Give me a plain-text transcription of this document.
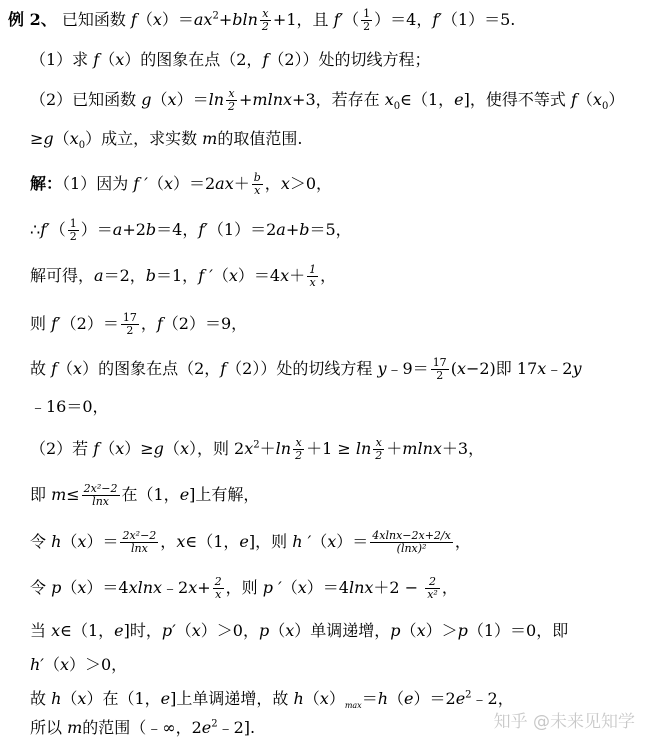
例 2、 已知函数 $f(x)=ax^2+bln \frac{x}{2} +1$，且 $f'( \frac{1}{2} )=4$，f′（1）＝5.
（1）求 f（x）的图象在点（2，f（2））处的切线方程；
（2）已知函数 $g(x)=\ln \frac{x}{2} +mlnx+3$，若存在 $x_0\in(1$，e]，使得不等式 $f(x_0)$
$\ge g(x_0)$成立，求实数 m的取值范围.
解：（1）因为 f $'(x)=2ax+ \frac{b}{x}$ ，x＞0，
∴f′（ $\frac{1}{2} )=a+2b=4$，f′（1）＝2a+b＝5，
解可得，a＝2，b＝1，f $'(x)=4x+ \frac{1}{x}$ ，
则 $f'(2)= \frac{17}{2}$ ，f（2）＝9，
故 f（x）的图象在点（2，f（2））处的切线方程 y﹣9＝ $\frac{17}{2} (x-2)$即 17x﹣2y
﹣16＝0，
（2）若 f（x）≥g（x），则 $2x^2+\ln \frac{x}{2} +1 \ge \ln \frac{x}{2} +mlnx+3$，
即 $m\le \frac{\text{2x²−2}}{\ln x}$ 在（1，e]上有解，
令 $h(x)= \frac{\text{2x²−2}}{\ln x}$ ，x∈（1，e]，则 h $'(x)= \frac{4xlnx-2x+2/x}{\text{(lnx)²}}$ ，
令 p（x）＝4xlnx﹣2x+ $\frac{2}{x}$ ，则 p $'(x)=4\ln x+2 - \frac{2}{\text{x²}}$ ，
当 x∈（1，e]时，p′（x）＞0，p（x）单调递增，p（x）＞p（1）＝0，即
h′（x）＞0，
故 h（x）在（1，e]上单调递增，故 $h(x)_{max}=h(e)=2e^2﹣2$，
所以 m的范围（﹣∞，$2e^2﹣2$].	知乎 @未来见知学
